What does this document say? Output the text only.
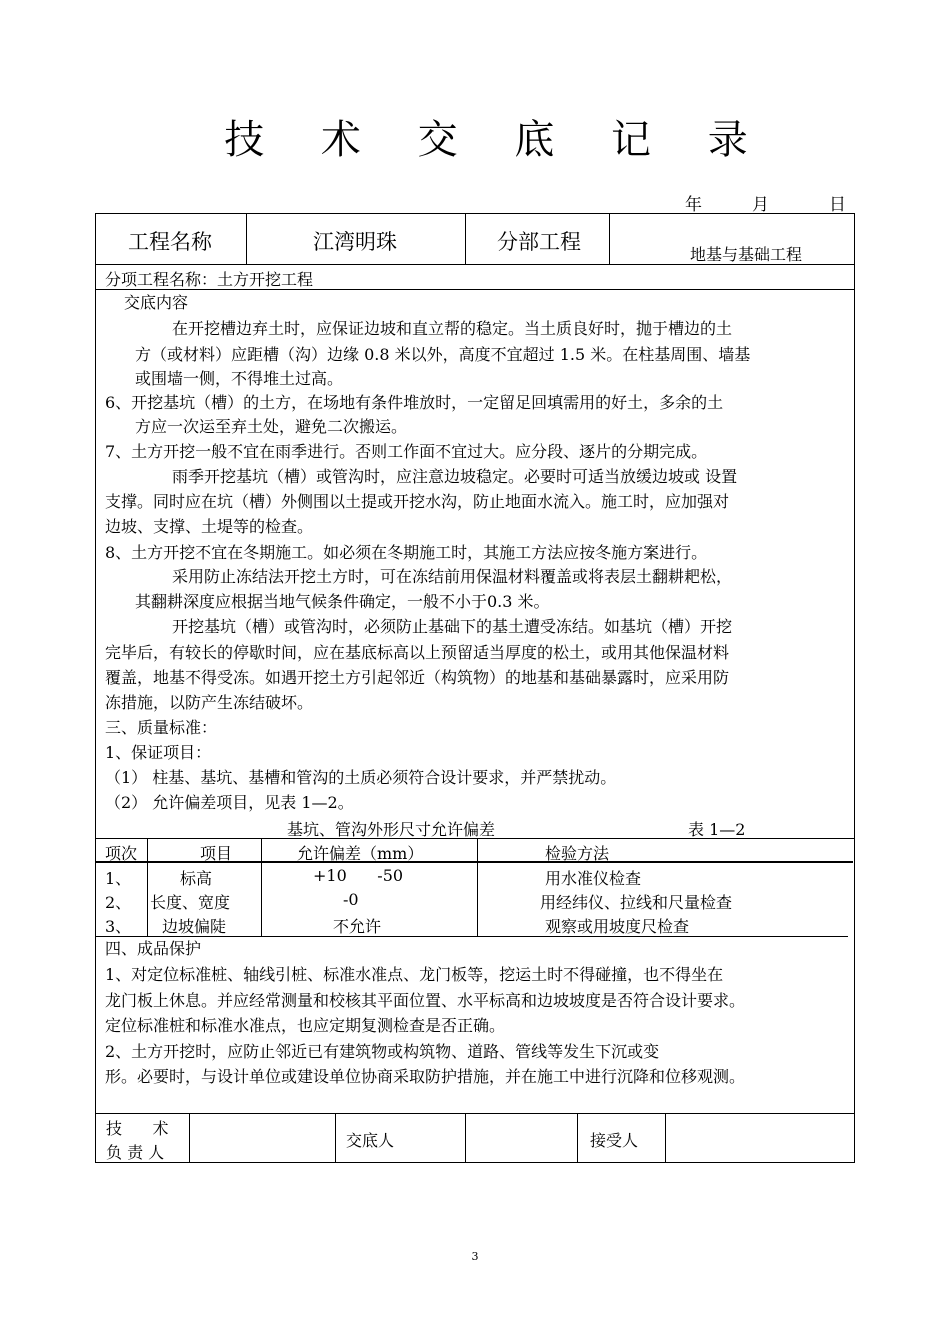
技 术 交 底 记 录
年	月	日
工程名称	江湾明珠	分部工程
地基与基础工程
分项工程名称：土方开挖工程
交底内容
在开挖槽边弃土时，应保证边坡和直立帮的稳定。当土质良好时，抛于槽边的土
方（或材料）应距槽（沟）边缘 0.8 米以外，高度不宜超过 1.5 米。在柱基周围、墙基
或围墙一侧，不得堆土过高。
6、开挖基坑（槽）的土方，在场地有条件堆放时，一定留足回填需用的好土，多余的土
方应一次运至弃土处，避免二次搬运。
7、土方开挖一般不宜在雨季进行。否则工作面不宜过大。应分段、逐片的分期完成。
雨季开挖基坑（槽）或管沟时，应注意边坡稳定。必要时可适当放缓边坡或 设置
支撑。同时应在坑（槽）外侧围以土提或开挖水沟，防止地面水流入。施工时，应加强对
边坡、支撑、土堤等的检查。
8、土方开挖不宜在冬期施工。如必须在冬期施工时，其施工方法应按冬施方案进行。
采用防止冻结法开挖土方时，可在冻结前用保温材料覆盖或将表层土翻耕耙松，
其翻耕深度应根据当地气候条件确定，一般不小于0.3 米。
开挖基坑（槽）或管沟时，必须防止基础下的基土遭受冻结。如基坑（槽）开挖
完毕后，有较长的停歇时间，应在基底标高以上预留适当厚度的松土，或用其他保温材料
覆盖，地基不得受冻。如遇开挖土方引起邻近（构筑物）的地基和基础暴露时，应采用防
冻措施，以防产生冻结破坏。
三、质量标准：
1、保证项目：
（1） 柱基、基坑、基槽和管沟的土质必须符合设计要求，并严禁扰动。
（2） 允许偏差项目，见表 1—2。
基坑、管沟外形尺寸允许偏差	表 1—2
项次	项目	允许偏差（mm）	检验方法
1、	标高	+10      -50	用水准仪检查
2、 长度、宽度	-0	用经纬仪、拉线和尺量检查
3、 边坡偏陡	不允许	观察或用坡度尺检查
四、成品保护
1、对定位标准桩、轴线引桩、标准水准点、龙门板等，挖运土时不得碰撞，也不得坐在
龙门板上休息。并应经常测量和校核其平面位置、水平标高和边坡坡度是否符合设计要求。
定位标准桩和标准水准点，也应定期复测检查是否正确。
2、土方开挖时，应防止邻近已有建筑物或构筑物、道路、管线等发生下沉或变
形。必要时，与设计单位或建设单位协商采取防护措施，并在施工中进行沉降和位移观测。
技      术
负 责 人
交底人	接受人
3
